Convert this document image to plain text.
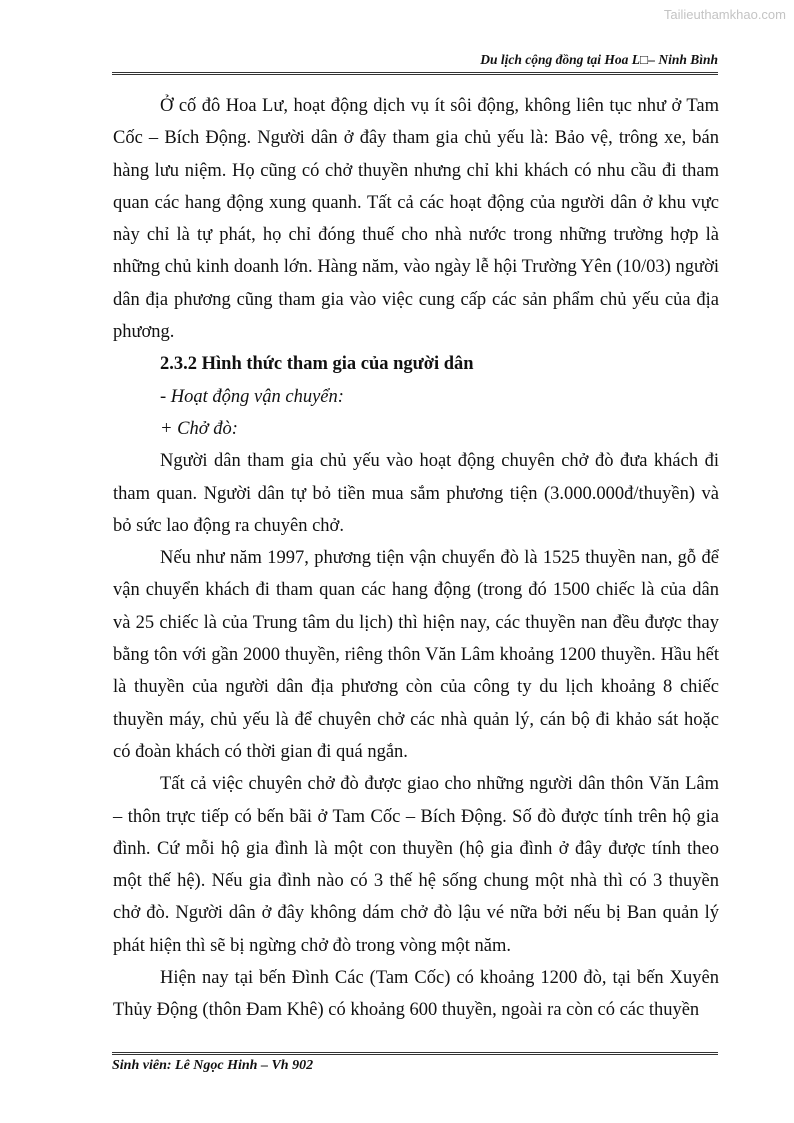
Tailieuthamkhao.com
Du lịch cộng đồng tại Hoa L□– Ninh Bình

Ở cố đô Hoa Lư, hoạt động dịch vụ ít sôi động, không liên tục như ở Tam Cốc – Bích Động. Người dân ở đây tham gia chủ yếu là: Bảo vệ, trông xe, bán hàng lưu niệm. Họ cũng có chở thuyền nhưng chỉ khi khách có nhu cầu đi tham quan các hang động xung quanh. Tất cả các hoạt động của người dân ở khu vực này chỉ là tự phát, họ chỉ đóng thuế cho nhà nước trong những trường hợp là những chủ kinh doanh lớn. Hàng năm, vào ngày lễ hội Trường Yên (10/03) người dân địa phương cũng tham gia vào việc cung cấp các sản phẩm chủ yếu của địa phương.

2.3.2 Hình thức tham gia của người dân

- Hoạt động vận chuyển:

+ Chở đò:

Người dân tham gia chủ yếu vào hoạt động chuyên chở đò đưa khách đi tham quan. Người dân tự bỏ tiền mua sắm phương tiện (3.000.000đ/thuyền) và bỏ sức lao động ra chuyên chở.

Nếu như năm 1997, phương tiện vận chuyển đò là 1525 thuyền nan, gỗ để vận chuyển khách đi tham quan các hang động (trong đó 1500 chiếc là của dân và 25 chiếc là của Trung tâm du lịch) thì hiện nay, các thuyền nan đều được thay bằng tôn với gần 2000 thuyền, riêng thôn Văn Lâm khoảng 1200 thuyền. Hầu hết là thuyền của người dân địa phương còn của công ty du lịch khoảng 8 chiếc thuyền máy, chủ yếu là để chuyên chở các nhà quản lý, cán bộ đi khảo sát hoặc có đoàn khách có thời gian đi quá ngắn.

Tất cả việc chuyên chở đò được giao cho những người dân thôn Văn Lâm – thôn trực tiếp có bến bãi ở Tam Cốc – Bích Động. Số đò được tính trên hộ gia đình. Cứ mỗi hộ gia đình là một con thuyền (hộ gia đình ở đây được tính theo một thế hệ). Nếu gia đình nào có 3 thế hệ sống chung một nhà thì có 3 thuyền chở đò. Người dân ở đây không dám chở đò lậu vé nữa bởi nếu bị Ban quản lý phát hiện thì sẽ bị ngừng chở đò trong vòng một năm.

Hiện nay tại bến Đình Các (Tam Cốc) có khoảng 1200 đò, tại bến Xuyên Thủy Động (thôn Đam Khê) có khoảng 600 thuyền, ngoài ra còn có các thuyền

Sinh viên: Lê Ngọc Hinh – Vh 902
